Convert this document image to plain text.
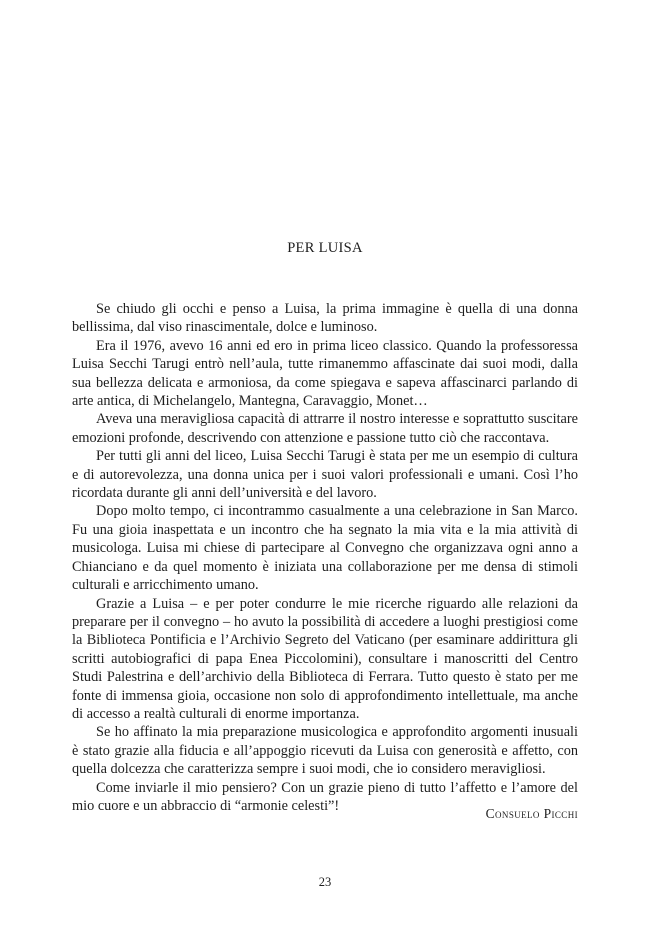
PER LUISA

Se chiudo gli occhi e penso a Luisa, la prima immagine è quella di una donna bellissima, dal viso rinascimentale, dolce e luminoso.

Era il 1976, avevo 16 anni ed ero in prima liceo classico. Quando la professoressa Luisa Secchi Tarugi entrò nell’aula, tutte rimanemmo affascinate dai suoi modi, dalla sua bellezza delicata e armoniosa, da come spiegava e sapeva affascinarci parlando di arte antica, di Michelangelo, Mantegna, Caravaggio, Monet…

Aveva una meravigliosa capacità di attrarre il nostro interesse e soprattutto suscitare emozioni profonde, descrivendo con attenzione e passione tutto ciò che raccontava.

Per tutti gli anni del liceo, Luisa Secchi Tarugi è stata per me un esempio di cultura e di autorevolezza, una donna unica per i suoi valori professionali e umani. Così l’ho ricordata durante gli anni dell’università e del lavoro.

Dopo molto tempo, ci incontrammo casualmente a una celebrazione in San Marco. Fu una gioia inaspettata e un incontro che ha segnato la mia vita e la mia attività di musicologa. Luisa mi chiese di partecipare al Convegno che organizzava ogni anno a Chianciano e da quel momento è iniziata una collaborazione per me densa di stimoli culturali e arricchimento umano.

Grazie a Luisa – e per poter condurre le mie ricerche riguardo alle relazioni da preparare per il convegno – ho avuto la possibilità di accedere a luoghi prestigiosi come la Biblioteca Pontificia e l’Archivio Segreto del Vaticano (per esaminare addirittura gli scritti autobiografici di papa Enea Piccolomini), consultare i manoscritti del Centro Studi Palestrina e dell’archivio della Biblioteca di Ferrara. Tutto questo è stato per me fonte di immensa gioia, occasione non solo di approfondimento intellettuale, ma anche di accesso a realtà culturali di enorme importanza.

Se ho affinato la mia preparazione musicologica e approfondito argomenti inusuali è stato grazie alla fiducia e all’appoggio ricevuti da Luisa con generosità e affetto, con quella dolcezza che caratterizza sempre i suoi modi, che io considero meravigliosi.

Come inviarle il mio pensiero? Con un grazie pieno di tutto l’affetto e l’amore del mio cuore e un abbraccio di “armonie celesti”!	Consuelo Picchi

23
